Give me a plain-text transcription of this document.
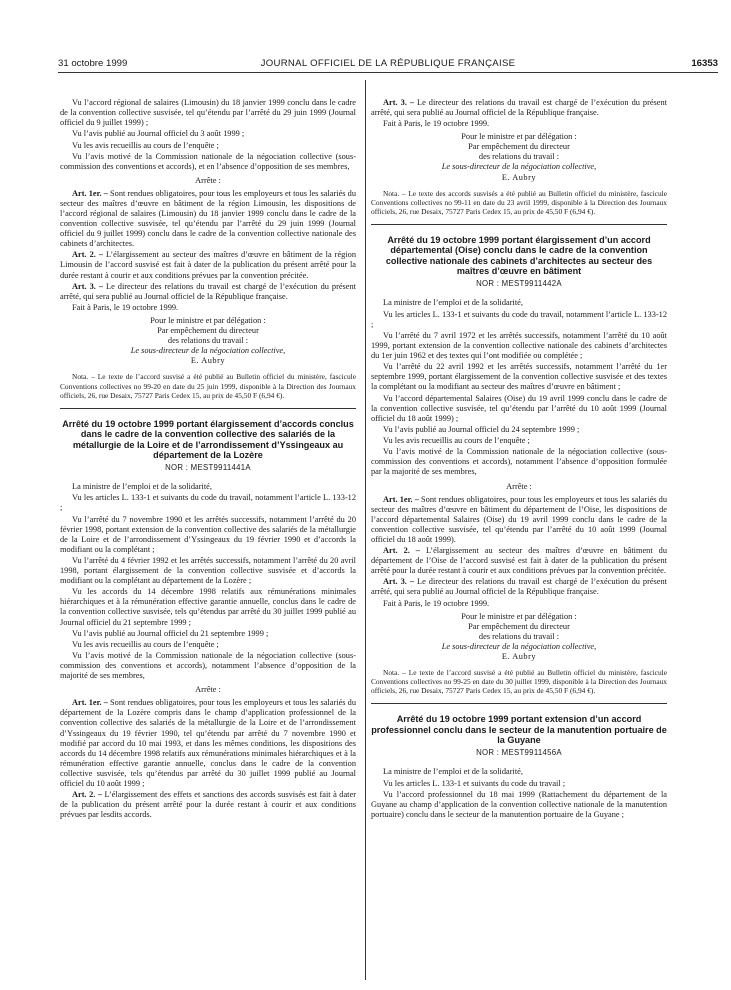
31 octobre 1999	JOURNAL OFFICIEL DE LA RÉPUBLIQUE FRANÇAISE	16353

Vu l’accord régional de salaires (Limousin) du 18 janvier 1999 conclu dans le cadre de la convention collective susvisée, tel qu’étendu par l’arrêté du 29 juin 1999 (Journal officiel du 9 juillet 1999) ;

Vu l’avis publié au Journal officiel du 3 août 1999 ;

Vu les avis recueillis au cours de l’enquête ;

Vu l’avis motivé de la Commission nationale de la négociation collective (sous-commission des conventions et accords), et en l’absence d’opposition de ses membres,

Arrête :

Art. 1er. – Sont rendues obligatoires, pour tous les employeurs et tous les salariés du secteur des maîtres d’œuvre en bâtiment de la région Limousin, les dispositions de l’accord régional de salaires (Limousin) du 18 janvier 1999 conclu dans le cadre de la convention collective susvisée, tel qu’étendu par l’arrêté du 29 juin 1999 (Journal officiel du 9 juillet 1999) conclu dans le cadre de la convention collective nationale des cabinets d’architectes.

Art. 2. – L’élargissement au secteur des maîtres d’œuvre en bâtiment de la région Limousin de l’accord susvisé est fait à dater de la publication du présent arrêté pour la durée restant à courir et aux conditions prévues par la convention précitée.

Art. 3. – Le directeur des relations du travail est chargé de l’exécution du présent arrêté, qui sera publié au Journal officiel de la République française.

Fait à Paris, le 19 octobre 1999.

Pour le ministre et par délégation :
Par empêchement du directeur
des relations du travail :
Le sous-directeur de la négociation collective,
E. Aubry
Nota. – Le texte de l’accord susvisé a été publié au Bulletin officiel du ministère, fascicule Conventions collectives no 99-20 en date du 25 juin 1999, disponible à la Direction des Journaux officiels, 26, rue Desaix, 75727 Paris Cedex 15, au prix de 45,50 F (6,94 €).
Arrêté du 19 octobre 1999 portant élargissement d’accords conclus dans le cadre de la convention collective des salariés de la métallurgie de la Loire et de l’arrondissement d’Yssingeaux au département de la Lozère
NOR : MEST9911441A

La ministre de l’emploi et de la solidarité,

Vu les articles L. 133-1 et suivants du code du travail, notamment l’article L. 133-12 ;

Vu l’arrêté du 7 novembre 1990 et les arrêtés successifs, notamment l’arrêté du 20 février 1998, portant extension de la convention collective des salariés de la métallurgie de la Loire et de l’arrondissement d’Yssingeaux du 19 février 1990 et d’accords la modifiant ou la complétant ;

Vu l’arrêté du 4 février 1992 et les arrêtés successifs, notamment l’arrêté du 20 avril 1998, portant élargissement de la convention collective susvisée et d’accords la modifiant ou la complétant au département de la Lozère ;

Vu les accords du 14 décembre 1998 relatifs aux rémunérations minimales hiérarchiques et à la rémunération effective garantie annuelle, conclus dans le cadre de la convention collective susvisée, tels qu’étendus par arrêté du 30 juillet 1999 publié au Journal officiel du 21 septembre 1999 ;

Vu l’avis publié au Journal officiel du 21 septembre 1999 ;

Vu les avis recueillis au cours de l’enquête ;

Vu l’avis motivé de la Commission nationale de la négociation collective (sous-commission des conventions et accords), notamment l’absence d’opposition de la majorité de ses membres,

Arrête :

Art. 1er. – Sont rendues obligatoires, pour tous les employeurs et tous les salariés du département de la Lozère compris dans le champ d’application professionnel de la convention collective des salariés de la métallurgie de la Loire et de l’arrondissement d’Yssingeaux du 19 février 1990, tel qu’étendu par arrêté du 7 novembre 1990 et modifié par accord du 10 mai 1993, et dans les mêmes conditions, les dispositions des accords du 14 décembre 1998 relatifs aux rémunérations minimales hiérarchiques et à la rémunération effective garantie annuelle, conclus dans le cadre de la convention collective susvisée, tels qu’étendus par arrêté du 30 juillet 1999 publié au Journal officiel du 10 août 1999 ;

Art. 2. – L’élargissement des effets et sanctions des accords susvisés est fait à dater de la publication du présent arrêté pour la durée restant à courir et aux conditions prévues par lesdits accords.

Art. 3. – Le directeur des relations du travail est chargé de l’exécution du présent arrêté, qui sera publié au Journal officiel de la République française.

Fait à Paris, le 19 octobre 1999.

Pour le ministre et par délégation :
Par empêchement du directeur
des relations du travail :
Le sous-directeur de la négociation collective,
E. Aubry
Nota. – Le texte des accords susvisés a été publié au Bulletin officiel du ministère, fascicule Conventions collectives no 99-11 en date du 23 avril 1999, disponible à la Direction des Journaux officiels, 26, rue Desaix, 75727 Paris Cedex 15, au prix de 45,50 F (6,94 €).
Arrêté du 19 octobre 1999 portant élargissement d’un accord départemental (Oise) conclu dans le cadre de la convention collective nationale des cabinets d’architectes au secteur des maîtres d’œuvre en bâtiment
NOR : MEST9911442A

La ministre de l’emploi et de la solidarité,

Vu les articles L. 133-1 et suivants du code du travail, notamment l’article L. 133-12 ;

Vu l’arrêté du 7 avril 1972 et les arrêtés successifs, notamment l’arrêté du 10 août 1999, portant extension de la convention collective nationale des cabinets d’architectes du 1er juin 1962 et des textes qui l’ont modifiée ou complétée ;

Vu l’arrêté du 22 avril 1992 et les arrêtés successifs, notamment l’arrêté du 1er septembre 1999, portant élargissement de la convention collective susvisée et des textes la complétant ou la modifiant au secteur des maîtres d’œuvre en bâtiment ;

Vu l’accord départemental Salaires (Oise) du 19 avril 1999 conclu dans le cadre de la convention collective susvisée, tel qu’étendu par l’arrêté du 10 août 1999 (Journal officiel du 18 août 1999) ;

Vu l’avis publié au Journal officiel du 24 septembre 1999 ;

Vu les avis recueillis au cours de l’enquête ;

Vu l’avis motivé de la Commission nationale de la négociation collective (sous-commission des conventions et accords), notamment l’absence d’opposition formulée par la majorité de ses membres,

Arrête :

Art. 1er. – Sont rendues obligatoires, pour tous les employeurs et tous les salariés du secteur des maîtres d’œuvre en bâtiment du département de l’Oise, les dispositions de l’accord départemental Salaires (Oise) du 19 avril 1999 conclu dans le cadre de la convention collective susvisée, tel qu’étendu par l’arrêté du 10 août 1999 (Journal officiel du 18 août 1999).

Art. 2. – L’élargissement au secteur des maîtres d’œuvre en bâtiment du département de l’Oise de l’accord susvisé est fait à dater de la publication du présent arrêté pour la durée restant à courir et aux conditions prévues par la convention précitée.

Art. 3. – Le directeur des relations du travail est chargé de l’exécution du présent arrêté, qui sera publié au Journal officiel de la République française.

Fait à Paris, le 19 octobre 1999.

Pour le ministre et par délégation :
Par empêchement du directeur
des relations du travail :
Le sous-directeur de la négociation collective,
E. Aubry
Nota. – Le texte de l’accord susvisé a été publié au Bulletin officiel du ministère, fascicule Conventions collectives no 99-25 en date du 30 juillet 1999, disponible à la Direction des Journaux officiels, 26, rue Desaix, 75727 Paris Cedex 15, au prix de 45,50 F (6,94 €).
Arrêté du 19 octobre 1999 portant extension d’un accord professionnel conclu dans le secteur de la manutention portuaire de la Guyane
NOR : MEST9911456A

La ministre de l’emploi et de la solidarité,

Vu les articles L. 133-1 et suivants du code du travail ;

Vu l’accord professionnel du 18 mai 1999 (Rattachement du département de la Guyane au champ d’application de la convention collective nationale de la manutention portuaire) conclu dans le secteur de la manutention portuaire de la Guyane ;
